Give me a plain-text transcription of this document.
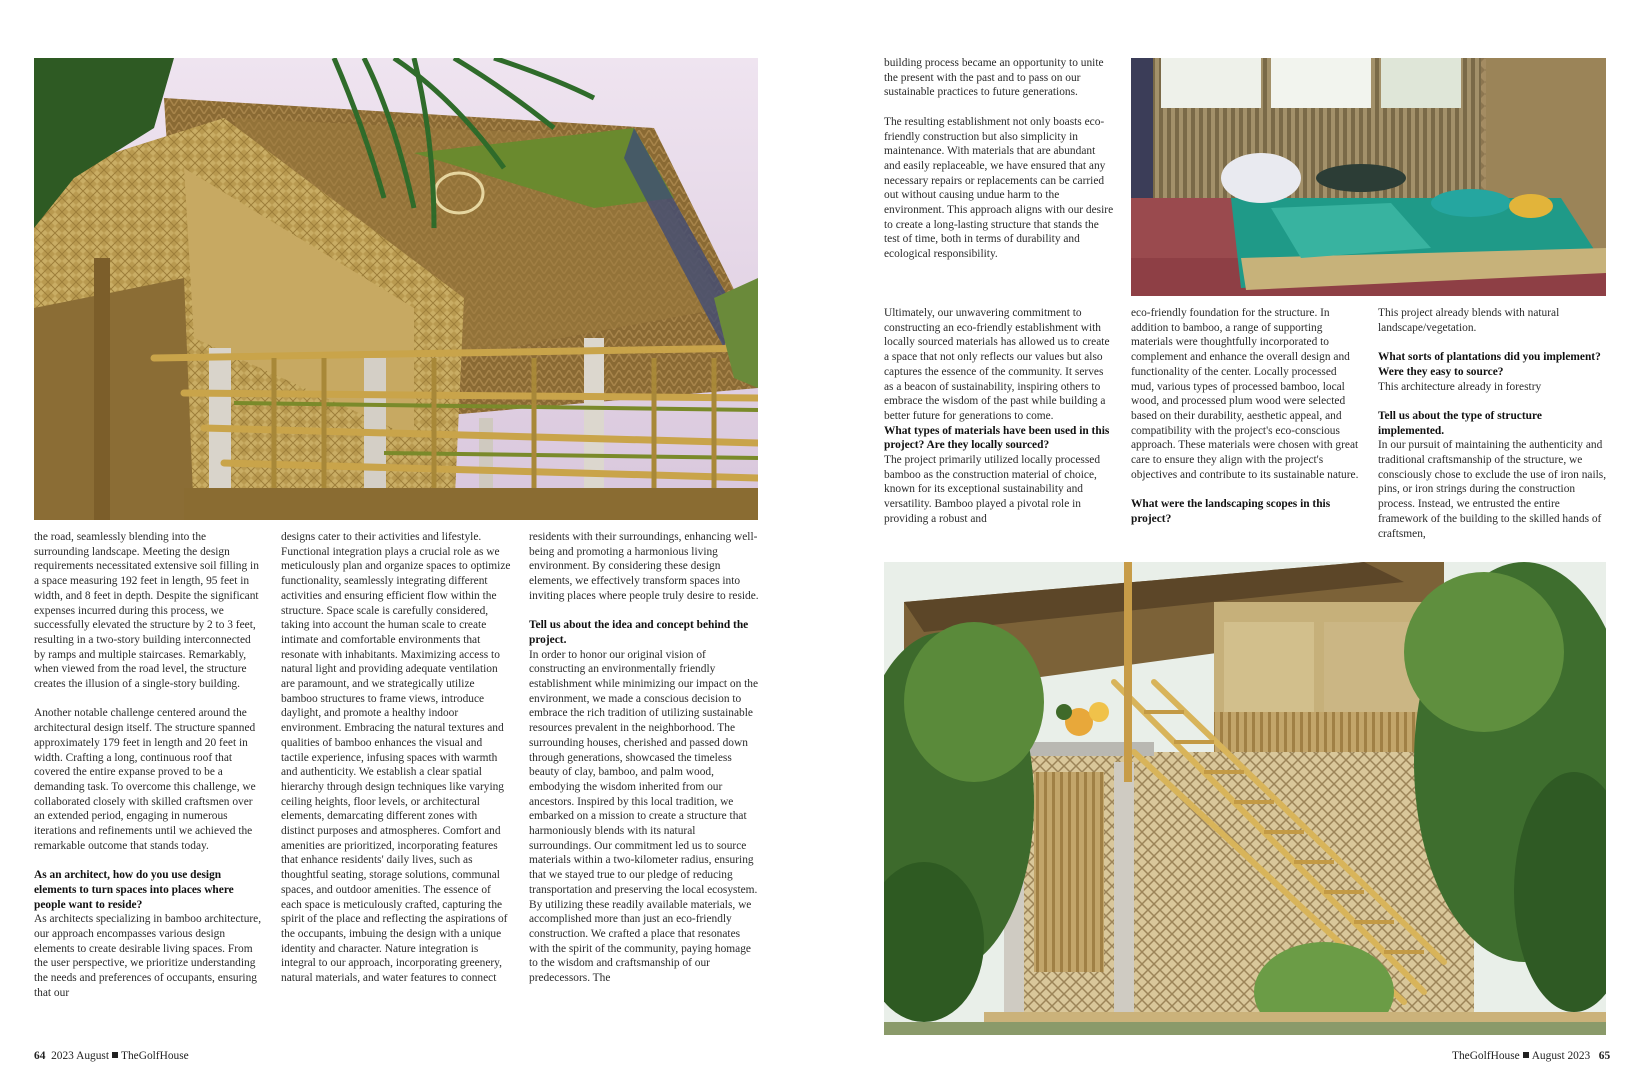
the road, seamlessly blending into the surrounding landscape. Meeting the design requirements necessitated extensive soil filling in a space measuring 192 feet in length, 95 feet in width, and 8 feet in depth. Despite the significant expenses incurred during this process, we successfully elevated the structure by 2 to 3 feet, resulting in a two-story building interconnected by ramps and multiple staircases. Remarkably, when viewed from the road level, the structure creates the illusion of a single-story building.

Another notable challenge centered around the architectural design itself. The structure spanned approximately 179 feet in length and 20 feet in width. Crafting a long, continuous roof that covered the entire expanse proved to be a demanding task. To overcome this challenge, we collaborated closely with skilled craftsmen over an extended period, engaging in numerous iterations and refinements until we achieved the remarkable outcome that stands today.

As an architect, how do you use design elements to turn spaces into places where people want to reside?

As architects specializing in bamboo architecture, our approach encompasses various design elements to create desirable living spaces. From the user perspective, we prioritize understanding the needs and preferences of occupants, ensuring that our

designs cater to their activities and lifestyle. Functional integration plays a crucial role as we meticulously plan and organize spaces to optimize functionality, seamlessly integrating different activities and ensuring efficient flow within the structure. Space scale is carefully considered, taking into account the human scale to create intimate and comfortable environments that resonate with inhabitants. Maximizing access to natural light and providing adequate ventilation are paramount, and we strategically utilize bamboo structures to frame views, introduce daylight, and promote a healthy indoor environment. Embracing the natural textures and qualities of bamboo enhances the visual and tactile experience, infusing spaces with warmth and authenticity. We establish a clear spatial hierarchy through design techniques like varying ceiling heights, floor levels, or architectural elements, demarcating different zones with distinct purposes and atmospheres. Comfort and amenities are prioritized, incorporating features that enhance residents' daily lives, such as thoughtful seating, storage solutions, communal spaces, and outdoor amenities. The essence of each space is meticulously crafted, capturing the spirit of the place and reflecting the aspirations of the occupants, imbuing the design with a unique identity and character. Nature integration is integral to our approach, incorporating greenery, natural materials, and water features to connect

residents with their surroundings, enhancing well-being and promoting a harmonious living environment. By considering these design elements, we effectively transform spaces into inviting places where people truly desire to reside.

Tell us about the idea and concept behind the project.

In order to honor our original vision of constructing an environmentally friendly establishment while minimizing our impact on the environment, we made a conscious decision to embrace the rich tradition of utilizing sustainable resources prevalent in the neighborhood. The surrounding houses, cherished and passed down through generations, showcased the timeless beauty of clay, bamboo, and palm wood, embodying the wisdom inherited from our ancestors. Inspired by this local tradition, we embarked on a mission to create a structure that harmoniously blends with its natural surroundings. Our commitment led us to source materials within a two-kilometer radius, ensuring that we stayed true to our pledge of reducing transportation and preserving the local ecosystem.

By utilizing these readily available materials, we accomplished more than just an eco-friendly construction. We crafted a place that resonates with the spirit of the community, paying homage to the wisdom and craftsmanship of our predecessors. The

64 2023 August TheGolfHouse

building process became an opportunity to unite the present with the past and to pass on our sustainable practices to future generations.

The resulting establishment not only boasts eco-friendly construction but also simplicity in maintenance. With materials that are abundant and easily replaceable, we have ensured that any necessary repairs or replacements can be carried out without causing undue harm to the environment. This approach aligns with our desire to create a long-lasting structure that stands the test of time, both in terms of durability and ecological responsibility.

Ultimately, our unwavering commitment to constructing an eco-friendly establishment with locally sourced materials has allowed us to create a space that not only reflects our values but also captures the essence of the community. It serves as a beacon of sustainability, inspiring others to embrace the wisdom of the past while building a better future for generations to come.

What types of materials have been used in this project? Are they locally sourced?

The project primarily utilized locally processed bamboo as the construction material of choice, known for its exceptional sustainability and versatility. Bamboo played a pivotal role in providing a robust and

eco-friendly foundation for the structure. In addition to bamboo, a range of supporting materials were thoughtfully incorporated to complement and enhance the overall design and functionality of the center. Locally processed mud, various types of processed bamboo, local wood, and processed plum wood were selected based on their durability, aesthetic appeal, and compatibility with the project's eco-conscious approach. These materials were chosen with great care to ensure they align with the project's objectives and contribute to its sustainable nature.

What were the landscaping scopes in this project?

This project already blends with natural landscape/vegetation.

What sorts of plantations did you implement? Were they easy to source?

This architecture already in forestry

Tell us about the type of structure implemented.

In our pursuit of maintaining the authenticity and traditional craftsmanship of the structure, we consciously chose to exclude the use of iron nails, pins, or iron strings during the construction process. Instead, we entrusted the entire framework of the building to the skilled hands of craftsmen,

TheGolfHouse August 2023 65
